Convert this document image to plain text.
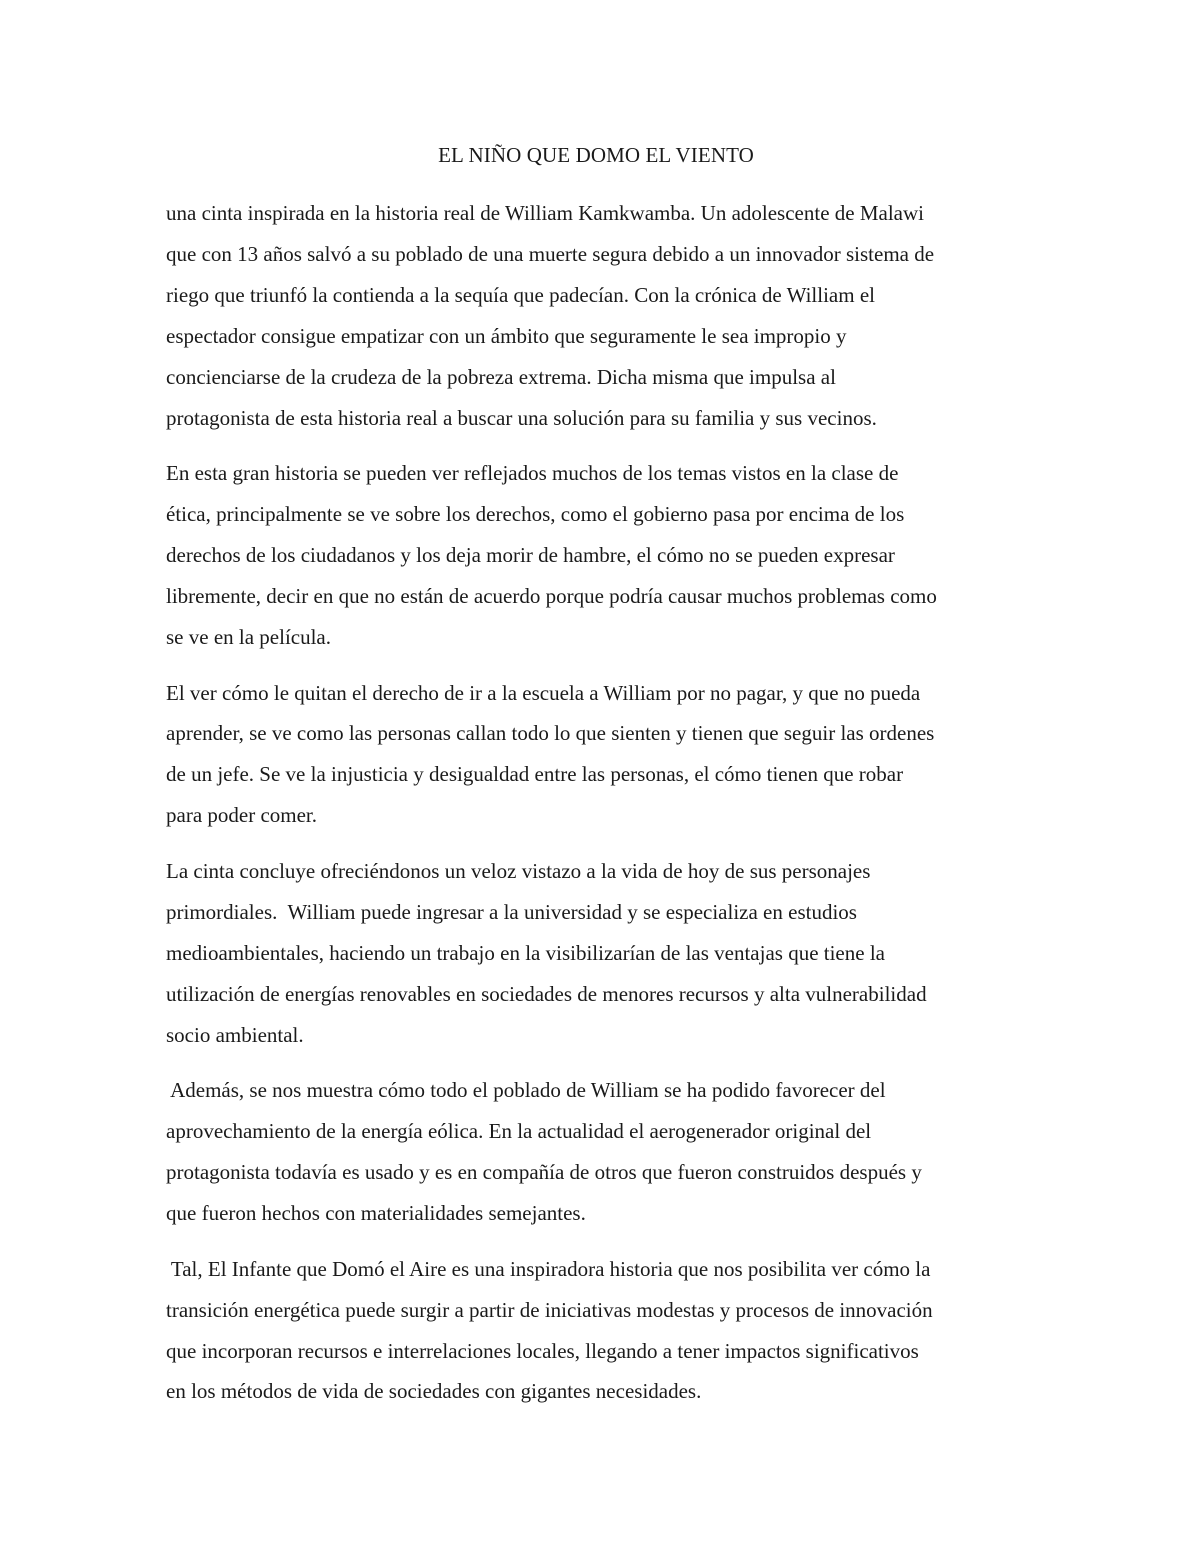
EL NIÑO QUE DOMO EL VIENTO

una cinta inspirada en la historia real de William Kamkwamba. Un adolescente de Malawi
que con 13 años salvó a su poblado de una muerte segura debido a un innovador sistema de
riego que triunfó la contienda a la sequía que padecían. Con la crónica de William el
espectador consigue empatizar con un ámbito que seguramente le sea impropio y
concienciarse de la crudeza de la pobreza extrema. Dicha misma que impulsa al
protagonista de esta historia real a buscar una solución para su familia y sus vecinos.

En esta gran historia se pueden ver reflejados muchos de los temas vistos en la clase de
ética, principalmente se ve sobre los derechos, como el gobierno pasa por encima de los
derechos de los ciudadanos y los deja morir de hambre, el cómo no se pueden expresar
libremente, decir en que no están de acuerdo porque podría causar muchos problemas como
se ve en la película.

El ver cómo le quitan el derecho de ir a la escuela a William por no pagar, y que no pueda
aprender, se ve como las personas callan todo lo que sienten y tienen que seguir las ordenes
de un jefe. Se ve la injusticia y desigualdad entre las personas, el cómo tienen que robar
para poder comer.

La cinta concluye ofreciéndonos un veloz vistazo a la vida de hoy de sus personajes
primordiales.  William puede ingresar a la universidad y se especializa en estudios
medioambientales, haciendo un trabajo en la visibilizarían de las ventajas que tiene la
utilización de energías renovables en sociedades de menores recursos y alta vulnerabilidad
socio ambiental.

Además, se nos muestra cómo todo el poblado de William se ha podido favorecer del
aprovechamiento de la energía eólica. En la actualidad el aerogenerador original del
protagonista todavía es usado y es en compañía de otros que fueron construidos después y
que fueron hechos con materialidades semejantes.

Tal, El Infante que Domó el Aire es una inspiradora historia que nos posibilita ver cómo la
transición energética puede surgir a partir de iniciativas modestas y procesos de innovación
que incorporan recursos e interrelaciones locales, llegando a tener impactos significativos
en los métodos de vida de sociedades con gigantes necesidades.
